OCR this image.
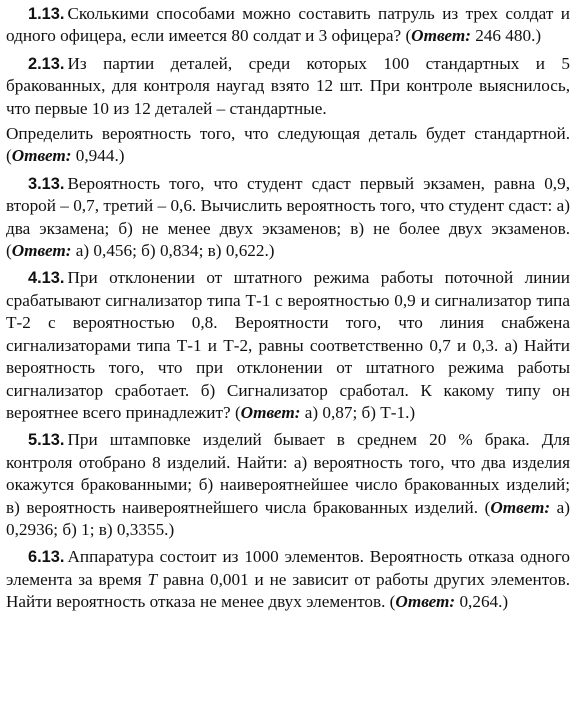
1.13. Сколькими способами можно составить патруль из трех солдат и одного офицера, если имеется 80 солдат и 3 офицера? (Ответ: 246 480.)

2.13. Из партии деталей, среди которых 100 стандартных и 5 бракованных, для контроля наугад взято 12 шт. При контроле выяснилось, что первые 10 из 12 деталей – стандартные.

Определить вероятность того, что следующая деталь будет стандартной. (Ответ: 0,944.)

3.13. Вероятность того, что студент сдаст первый экзамен, равна 0,9, второй – 0,7, третий – 0,6. Вычислить вероятность того, что студент сдаст: а) два экзамена; б) не менее двух экзаменов; в) не более двух экзаменов. (Ответ: а) 0,456; б) 0,834; в) 0,622.)

4.13. При отклонении от штатного режима работы поточной линии срабатывают сигнализатор типа Т-1 с вероятностью 0,9 и сигнализатор типа Т-2 с вероятностью 0,8. Вероятности того, что линия снабжена сигнализаторами типа Т-1 и Т-2, равны соответственно 0,7 и 0,3. а) Найти вероятность того, что при отклонении от штатного режима работы сигнализатор сработает. б) Сигнализатор сработал. К какому типу он вероятнее всего принадлежит? (Ответ: а) 0,87; б) Т-1.)

5.13. При штамповке изделий бывает в среднем 20 % брака. Для контроля отобрано 8 изделий. Найти: а) вероятность того, что два изделия окажутся бракованными; б) наивероятнейшее число бракованных изделий; в) вероятность наивероятнейшего числа бракованных изделий. (Ответ: а) 0,2936; б) 1; в) 0,3355.)

6.13. Аппаратура состоит из 1000 элементов. Вероятность отказа одного элемента за время T равна 0,001 и не зависит от работы других элементов. Найти вероятность отказа не менее двух элементов. (Ответ: 0,264.)
